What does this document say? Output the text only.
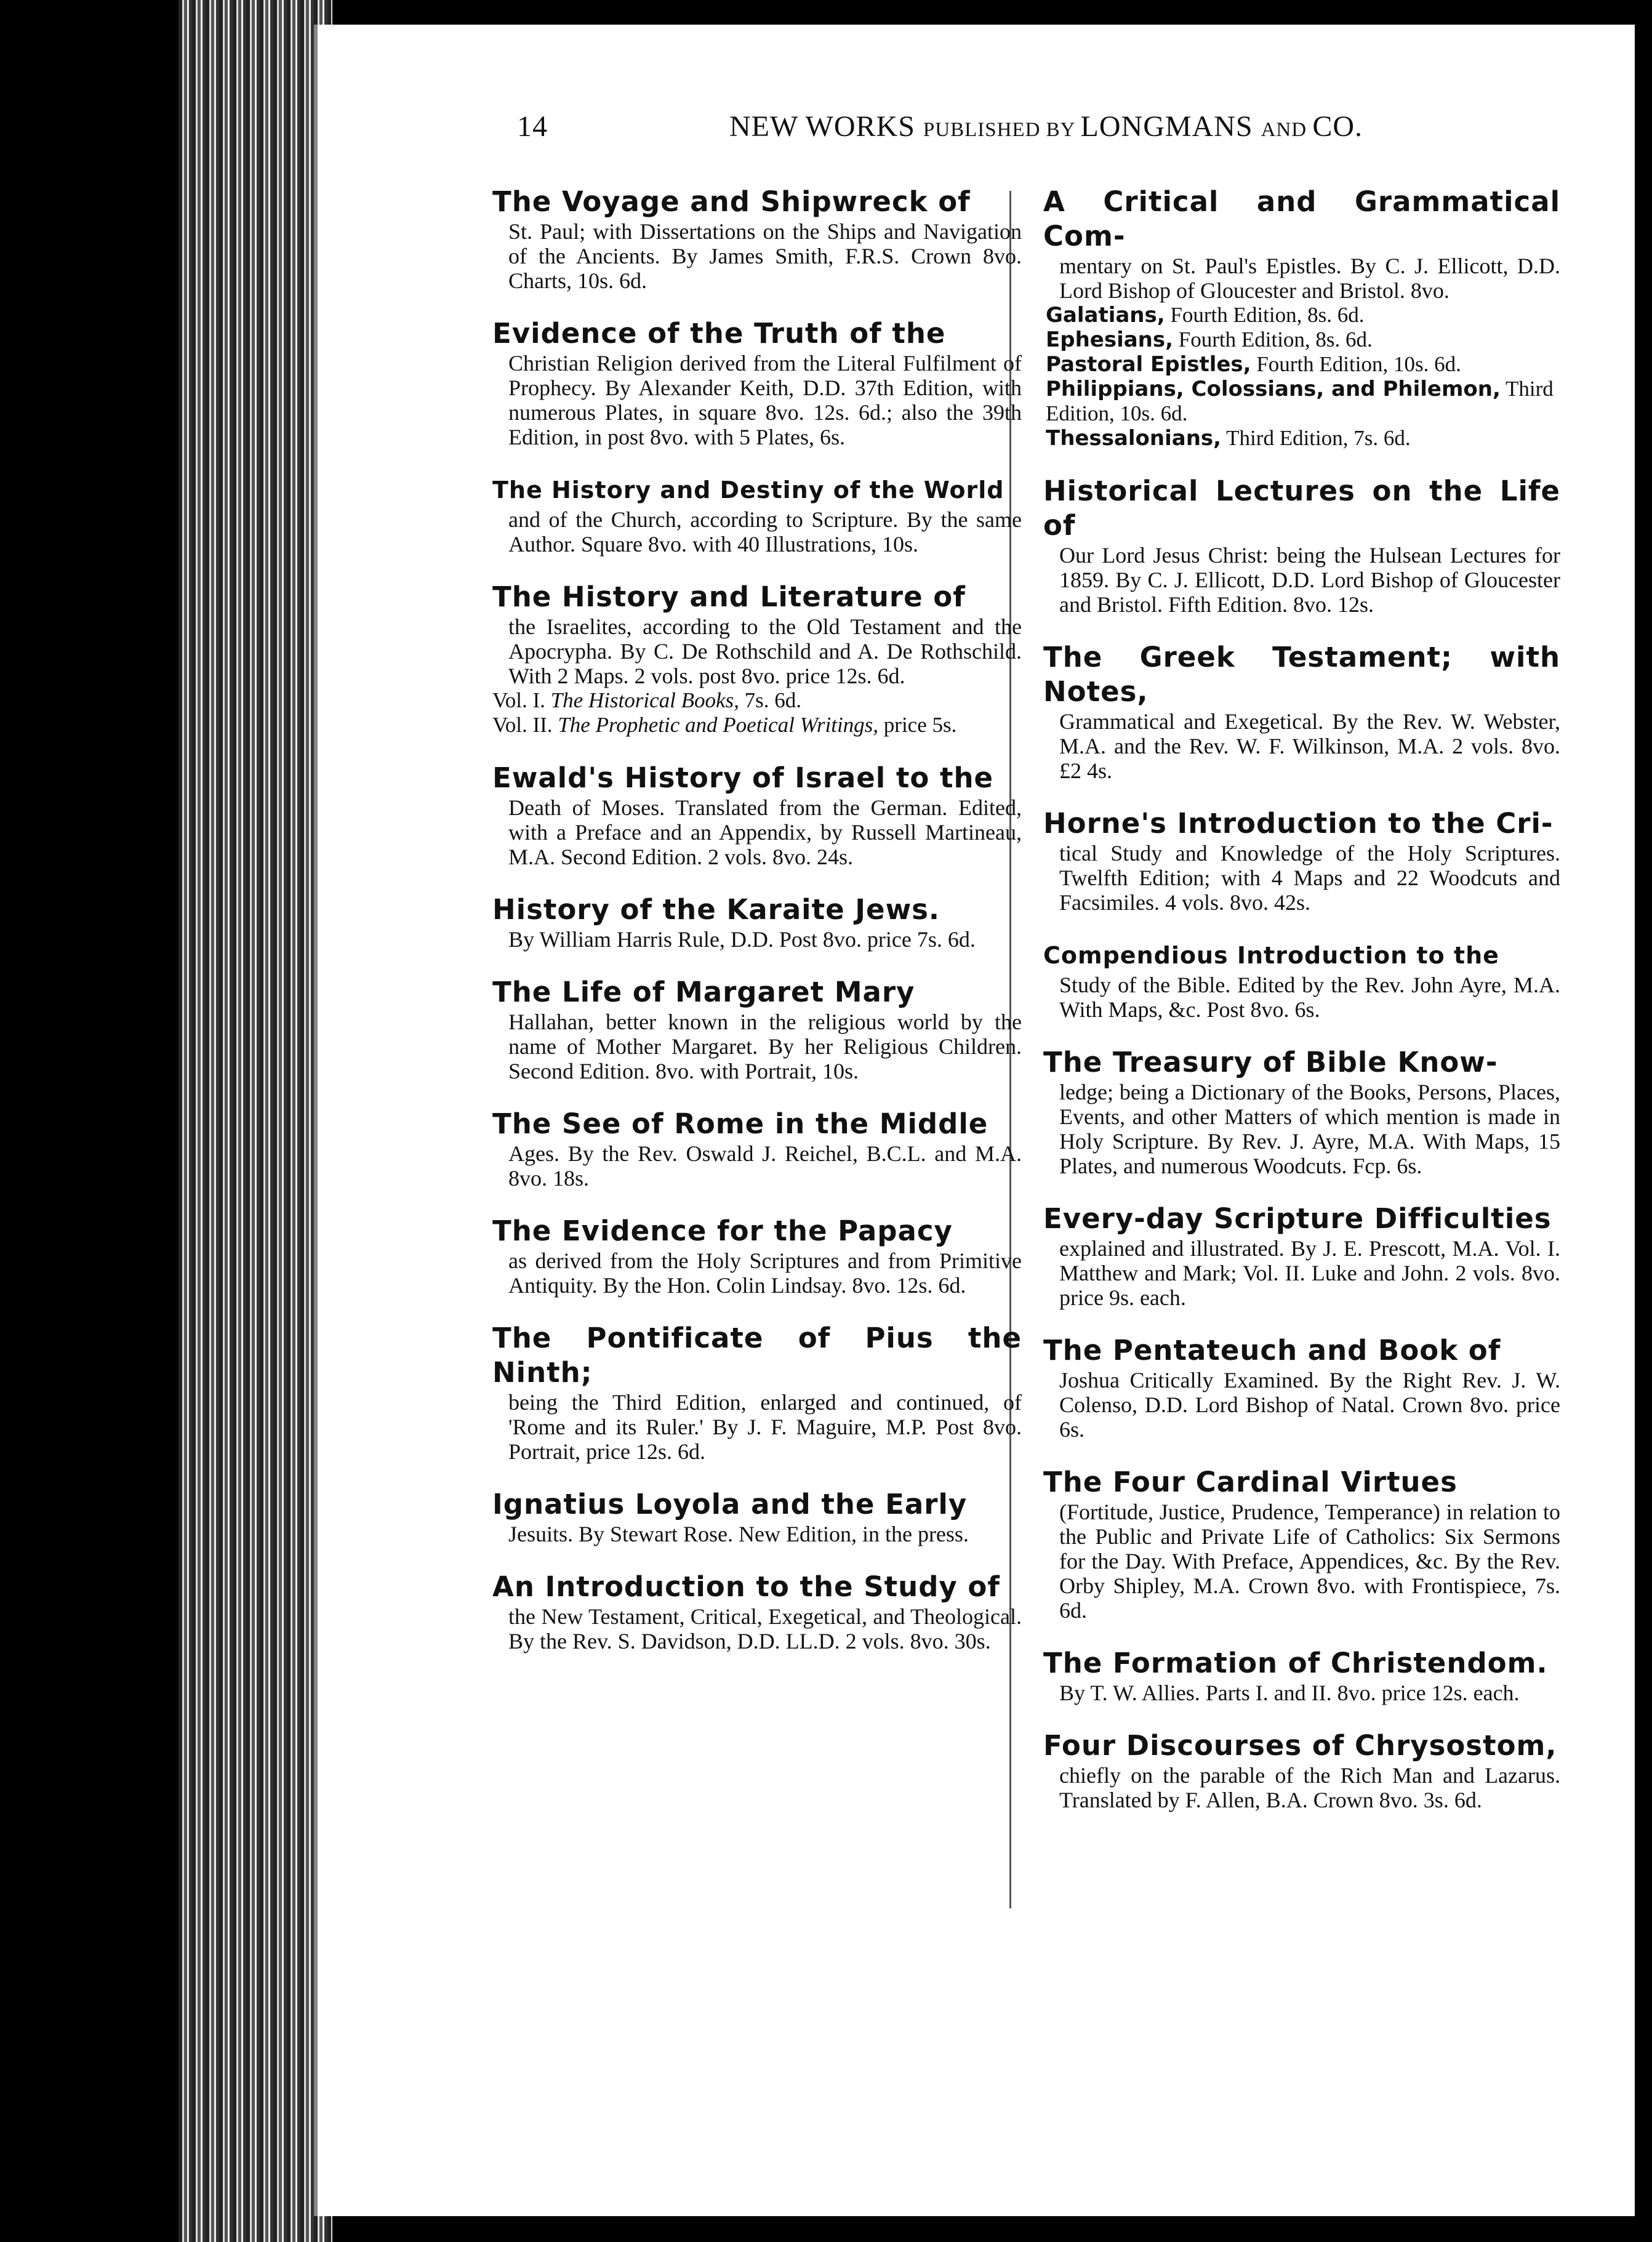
14	NEW WORKS PUBLISHED BY LONGMANS AND CO.
The Voyage and Shipwreck of
St. Paul; with Dissertations on the Ships and Navigation of the Ancients. By James Smith, F.R.S. Crown 8vo. Charts, 10s. 6d.
Evidence of the Truth of the
Christian Religion derived from the Literal Fulfilment of Prophecy. By Alexander Keith, D.D. 37th Edition, with numerous Plates, in square 8vo. 12s. 6d.; also the 39th Edition, in post 8vo. with 5 Plates, 6s.
The History and Destiny of the World
and of the Church, according to Scripture. By the same Author. Square 8vo. with 40 Illustrations, 10s.
The History and Literature of
the Israelites, according to the Old Testament and the Apocrypha. By C. De Rothschild and A. De Rothschild. With 2 Maps. 2 vols. post 8vo. price 12s. 6d.
Vol. I. The Historical Books, 7s. 6d.
Vol. II. The Prophetic and Poetical Writings, price 5s.
Ewald's History of Israel to the
Death of Moses. Translated from the German. Edited, with a Preface and an Appendix, by Russell Martineau, M.A. Second Edition. 2 vols. 8vo. 24s.
History of the Karaite Jews.
By William Harris Rule, D.D. Post 8vo. price 7s. 6d.
The Life of Margaret Mary
Hallahan, better known in the religious world by the name of Mother Margaret. By her Religious Children. Second Edition. 8vo. with Portrait, 10s.
The See of Rome in the Middle
Ages. By the Rev. Oswald J. Reichel, B.C.L. and M.A. 8vo. 18s.
The Evidence for the Papacy
as derived from the Holy Scriptures and from Primitive Antiquity. By the Hon. Colin Lindsay. 8vo. 12s. 6d.
The Pontificate of Pius the Ninth;
being the Third Edition, enlarged and continued, of 'Rome and its Ruler.' By J. F. Maguire, M.P. Post 8vo. Portrait, price 12s. 6d.
Ignatius Loyola and the Early
Jesuits. By Stewart Rose. New Edition, in the press.
An Introduction to the Study of
the New Testament, Critical, Exegetical, and Theological. By the Rev. S. Davidson, D.D. LL.D. 2 vols. 8vo. 30s.
A Critical and Grammatical Com-
mentary on St. Paul's Epistles. By C. J. Ellicott, D.D. Lord Bishop of Gloucester and Bristol. 8vo.
Galatians, Fourth Edition, 8s. 6d.
Ephesians, Fourth Edition, 8s. 6d.
Pastoral Epistles, Fourth Edition, 10s. 6d.
Philippians, Colossians, and Philemon, Third Edition, 10s. 6d.
Thessalonians, Third Edition, 7s. 6d.
Historical Lectures on the Life of
Our Lord Jesus Christ: being the Hulsean Lectures for 1859. By C. J. Ellicott, D.D. Lord Bishop of Gloucester and Bristol. Fifth Edition. 8vo. 12s.
The Greek Testament; with Notes,
Grammatical and Exegetical. By the Rev. W. Webster, M.A. and the Rev. W. F. Wilkinson, M.A. 2 vols. 8vo. £2 4s.
Horne's Introduction to the Cri-
tical Study and Knowledge of the Holy Scriptures. Twelfth Edition; with 4 Maps and 22 Woodcuts and Facsimiles. 4 vols. 8vo. 42s.
Compendious Introduction to the
Study of the Bible. Edited by the Rev. John Ayre, M.A. With Maps, &c. Post 8vo. 6s.
The Treasury of Bible Know-
ledge; being a Dictionary of the Books, Persons, Places, Events, and other Matters of which mention is made in Holy Scripture. By Rev. J. Ayre, M.A. With Maps, 15 Plates, and numerous Woodcuts. Fcp. 6s.
Every-day Scripture Difficulties
explained and illustrated. By J. E. Prescott, M.A. Vol. I. Matthew and Mark; Vol. II. Luke and John. 2 vols. 8vo. price 9s. each.
The Pentateuch and Book of
Joshua Critically Examined. By the Right Rev. J. W. Colenso, D.D. Lord Bishop of Natal. Crown 8vo. price 6s.
The Four Cardinal Virtues
(Fortitude, Justice, Prudence, Temperance) in relation to the Public and Private Life of Catholics: Six Sermons for the Day. With Preface, Appendices, &c. By the Rev. Orby Shipley, M.A. Crown 8vo. with Frontispiece, 7s. 6d.
The Formation of Christendom.
By T. W. Allies. Parts I. and II. 8vo. price 12s. each.
Four Discourses of Chrysostom,
chiefly on the parable of the Rich Man and Lazarus. Translated by F. Allen, B.A. Crown 8vo. 3s. 6d.
